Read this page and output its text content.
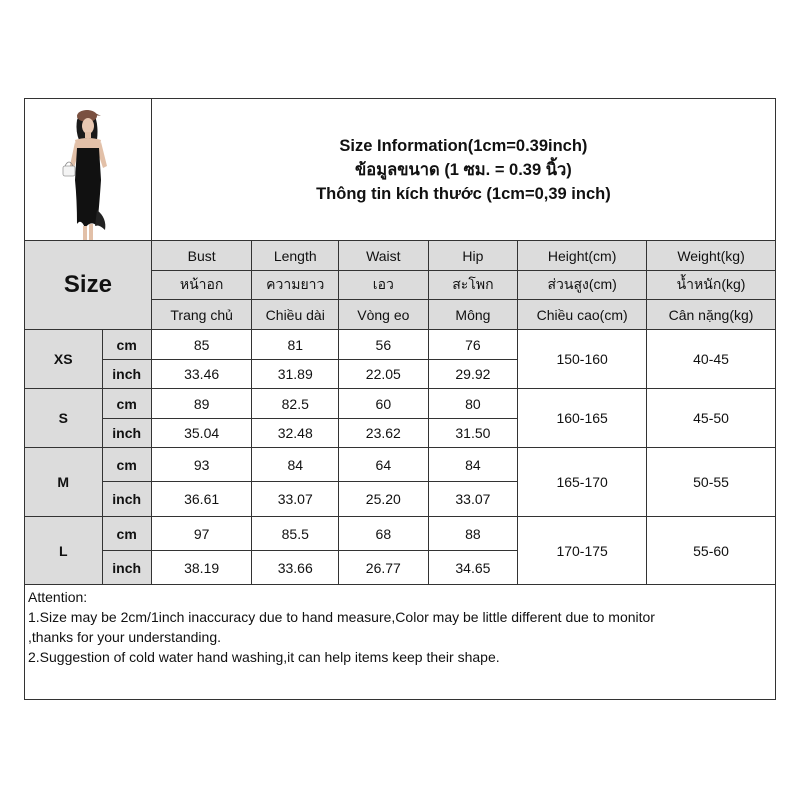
Size Information(1cm=0.39inch)
ข้อมูลขนาด (1 ซม. = 0.39 นิ้ว)
Thông tin kích thước (1cm=0,39 inch)					

Size		Bust	Length	Waist	Hip	Height(cm)	Weight(kg)
		หน้าอก	ความยาว	เอว	สะโพก	ส่วนสูง(cm)	น้ำหนัก(kg)
		Trang chủ	Chiều dài	Vòng eo	Mông	Chiều cao(cm)	Cân nặng(kg)
XS	cm	85	81	56	76	150-160	40-45
	inch	33.46	31.89	22.05	29.92		
S	cm	89	82.5	60	80	160-165	45-50
	inch	35.04	32.48	23.62	31.50		
M	cm	93	84	64	84	165-170	50-55
	inch	36.61	33.07	25.20	33.07		
L	cm	97	85.5	68	88	170-175	55-60
	inch	38.19	33.66	26.77	34.65		

Attention:
1.Size may be 2cm/1inch inaccuracy due to hand measure,Color may be little different due to monitor
,thanks for your understanding.
2.Suggestion of cold water hand washing,it can help items keep their shape.							
